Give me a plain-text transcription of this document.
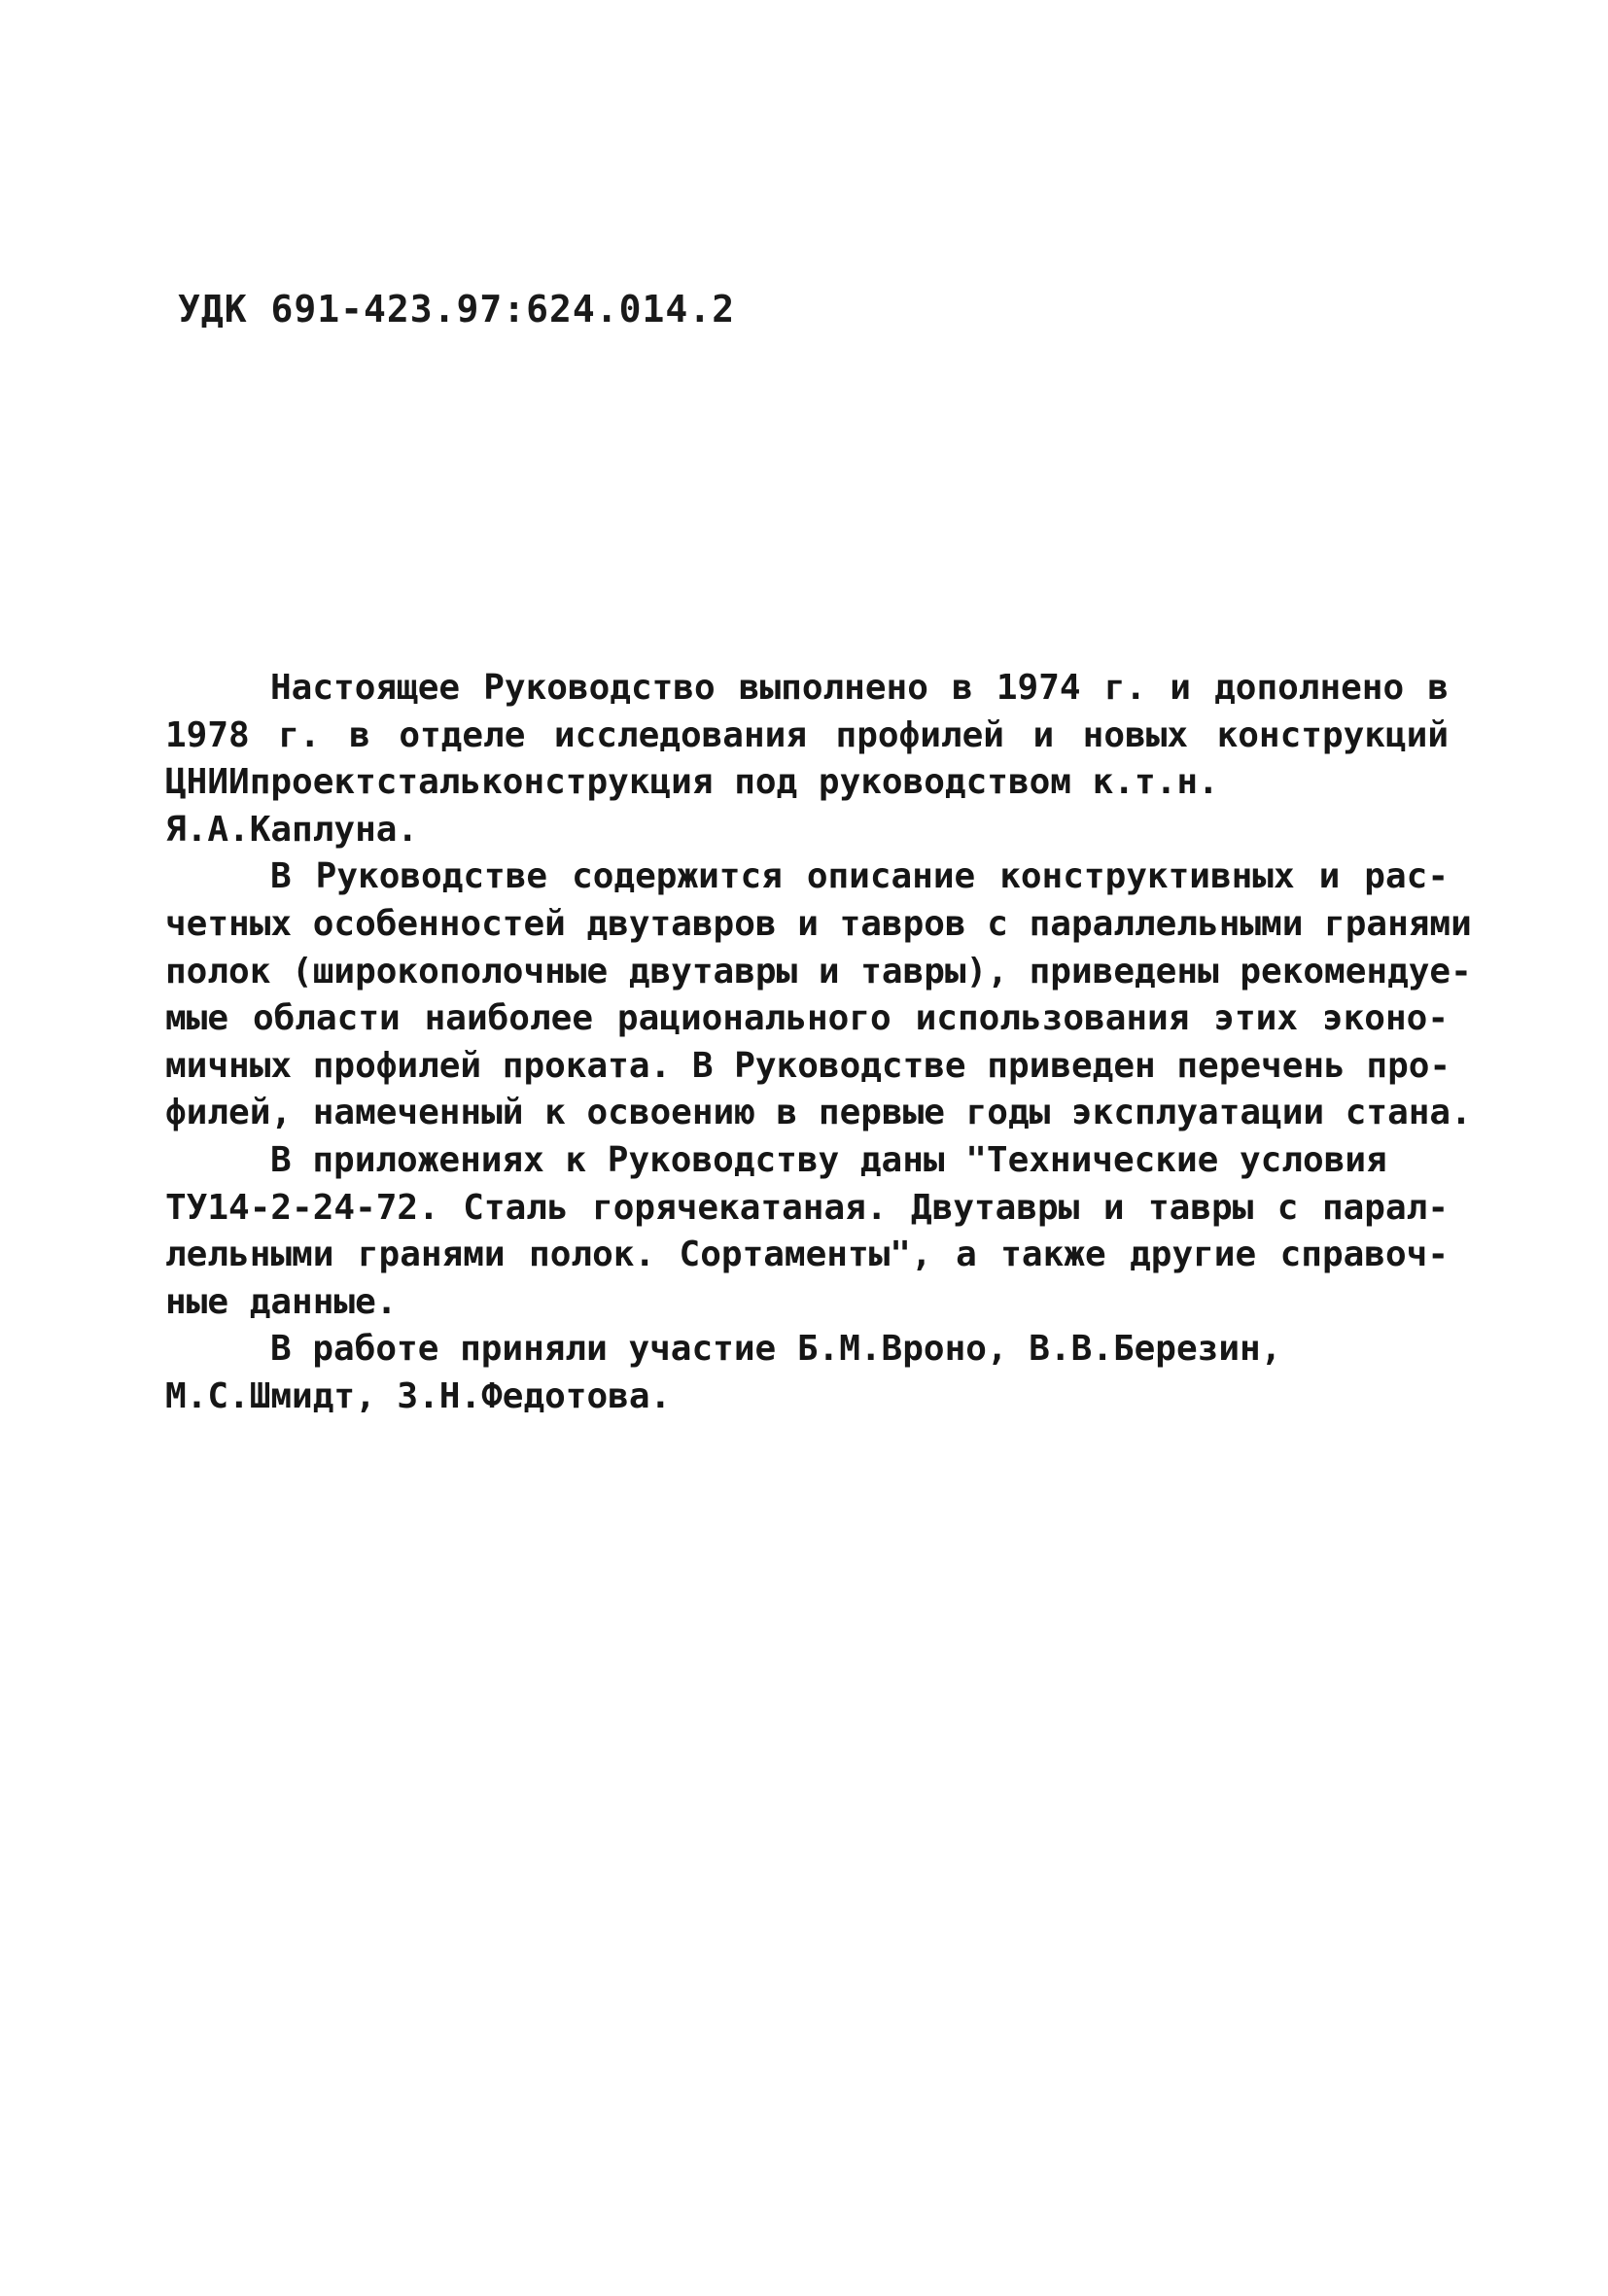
УДК 691-423.97:624.014.2
Настоящее Руководство выполнено в 1974 г. и дополнено в
1978 г. в отделе исследования профилей и новых конструкций
ЦНИИпроектстальконструкция под руководством к.т.н.
Я.А.Каплуна.
В Руководстве содержится описание конструктивных и рас-
четных особенностей двутавров и тавров с параллельными гранями
полок (широкополочные двутавры и тавры), приведены рекомендуе-
мые области наиболее рационального использования этих эконо-
мичных профилей проката. В Руководстве приведен перечень про-
филей, намеченный к освоению в первые годы эксплуатации стана.
В приложениях к Руководству даны "Технические условия
ТУ14-2-24-72. Сталь горячекатаная. Двутавры и тавры с парал-
лельными гранями полок. Сортаменты", а также другие справоч-
ные данные.
В работе приняли участие Б.М.Вроно, В.В.Березин,
М.С.Шмидт, З.Н.Федотова.
